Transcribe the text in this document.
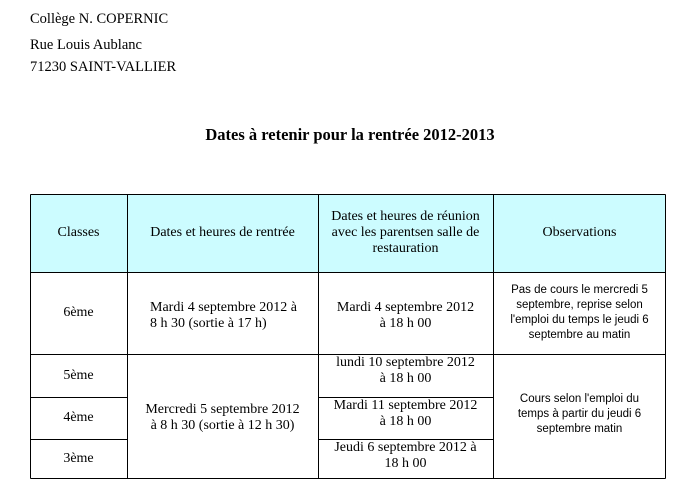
Collège N. COPERNIC
Rue Louis Aublanc
71230 SAINT-VALLIER
Dates à retenir pour la rentrée 2012-2013
Classes	Dates et heures de rentrée
Dates et heures de réunion
avec les parentsen salle de
restauration
Observations
6ème	Mardi 4 septembre 2012 à
8 h 30 (sortie à 17 h)
Mardi 4 septembre 2012
à 18 h 00
Pas de cours le mercredi 5
septembre, reprise selon
l'emploi du temps le jeudi 6
septembre au matin
5ème
4ème
3ème
Mercredi 5 septembre 2012
à 8 h 30 (sortie à 12 h 30)
lundi 10 septembre 2012
à 18 h 00
Mardi 11 septembre 2012
à 18 h 00
Jeudi 6 septembre 2012 à
18 h 00
Cours selon l'emploi du
temps à partir du jeudi 6
septembre matin
